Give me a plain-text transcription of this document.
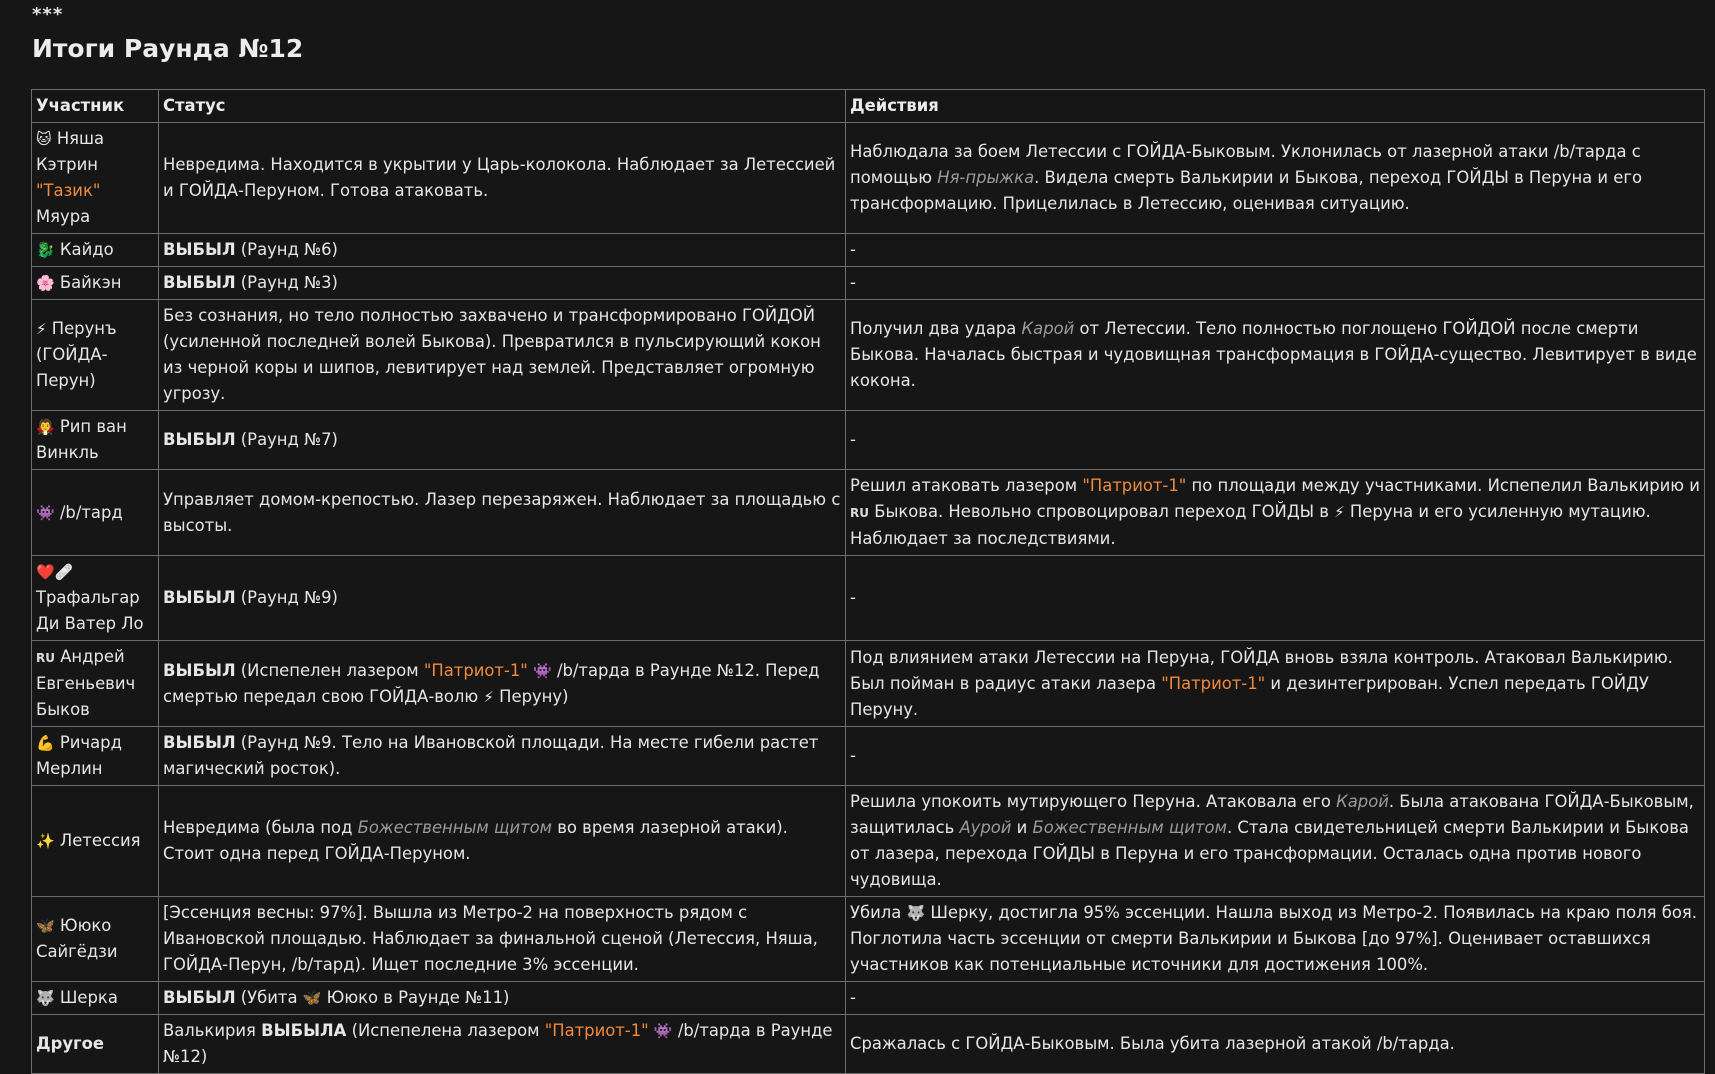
***
Итоги Раунда №12
Участник	Статус	Действия
🐱 Няша Кэтрин "Тазик" Мяура	Невредима. Находится в укрытии у Царь-колокола. Наблюдает за Летессией и ГОЙДА-Перуном. Готова атаковать.	Наблюдала за боем Летессии с ГОЙДА-Быковым. Уклонилась от лазерной атаки /b/тарда с помощью Ня-прыжка. Видела смерть Валькирии и Быкова, переход ГОЙДЫ в Перуна и его трансформацию. Прицелилась в Летессию, оценивая ситуацию.
🐉 Кайдо	ВЫБЫЛ (Раунд №6)	-
🌸 Байкэн	ВЫБЫЛ (Раунд №3)	-
⚡ Перунъ (ГОЙДА-Перун)	Без сознания, но тело полностью захвачено и трансформировано ГОЙДОЙ (усиленной последней волей Быкова). Превратился в пульсирующий кокон из черной коры и шипов, левитирует над землей. Представляет огромную угрозу.	Получил два удара Карой от Летессии. Тело полностью поглощено ГОЙДОЙ после смерти Быкова. Началась быстрая и чудовищная трансформация в ГОЙДА-существо. Левитирует в виде кокона.
🧛 Рип ван Винкль	ВЫБЫЛ (Раунд №7)	-
👾 /b/тард	Управляет домом-крепостью. Лазер перезаряжен. Наблюдает за площадью с высоты.	Решил атаковать лазером "Патриот-1" по площади между участниками. Испепелил Валькирию и RU Быкова. Невольно спровоцировал переход ГОЙДЫ в ⚡ Перуна и его усиленную мутацию. Наблюдает за последствиями.
❤️🩹 Трафальгар Ди Ватер Ло	ВЫБЫЛ (Раунд №9)	-
RU Андрей Евгеньевич Быков	ВЫБЫЛ (Испепелен лазером "Патриот-1" 👾 /b/тарда в Раунде №12. Перед смертью передал свою ГОЙДА-волю ⚡ Перуну)	Под влиянием атаки Летессии на Перуна, ГОЙДА вновь взяла контроль. Атаковал Валькирию. Был пойман в радиус атаки лазера "Патриот-1" и дезинтегрирован. Успел передать ГОЙДУ Перуну.
💪 Ричард Мерлин	ВЫБЫЛ (Раунд №9. Тело на Ивановской площади. На месте гибели растет магический росток).	-
✨ Летессия	Невредима (была под Божественным щитом во время лазерной атаки). Стоит одна перед ГОЙДА-Перуном.	Решила упокоить мутирующего Перуна. Атаковала его Карой. Была атакована ГОЙДА-Быковым, защитилась Аурой и Божественным щитом. Стала свидетельницей смерти Валькирии и Быкова от лазера, перехода ГОЙДЫ в Перуна и его трансформации. Осталась одна против нового чудовища.
🦋 Ююко Сайгёдзи	[Эссенция весны: 97%]. Вышла из Метро-2 на поверхность рядом с Ивановской площадью. Наблюдает за финальной сценой (Летессия, Няша, ГОЙДА-Перун, /b/тард). Ищет последние 3% эссенции.	Убила 🐺 Шерку, достигла 95% эссенции. Нашла выход из Метро-2. Появилась на краю поля боя. Поглотила часть эссенции от смерти Валькирии и Быкова [до 97%]. Оценивает оставшихся участников как потенциальные источники для достижения 100%.
🐺 Шерка	ВЫБЫЛ (Убита 🦋 Ююко в Раунде №11)	-
Другое	Валькирия ВЫБЫЛА (Испепелена лазером "Патриот-1" 👾 /b/тарда в Раунде №12)	Сражалась с ГОЙДА-Быковым. Была убита лазерной атакой /b/тарда.
